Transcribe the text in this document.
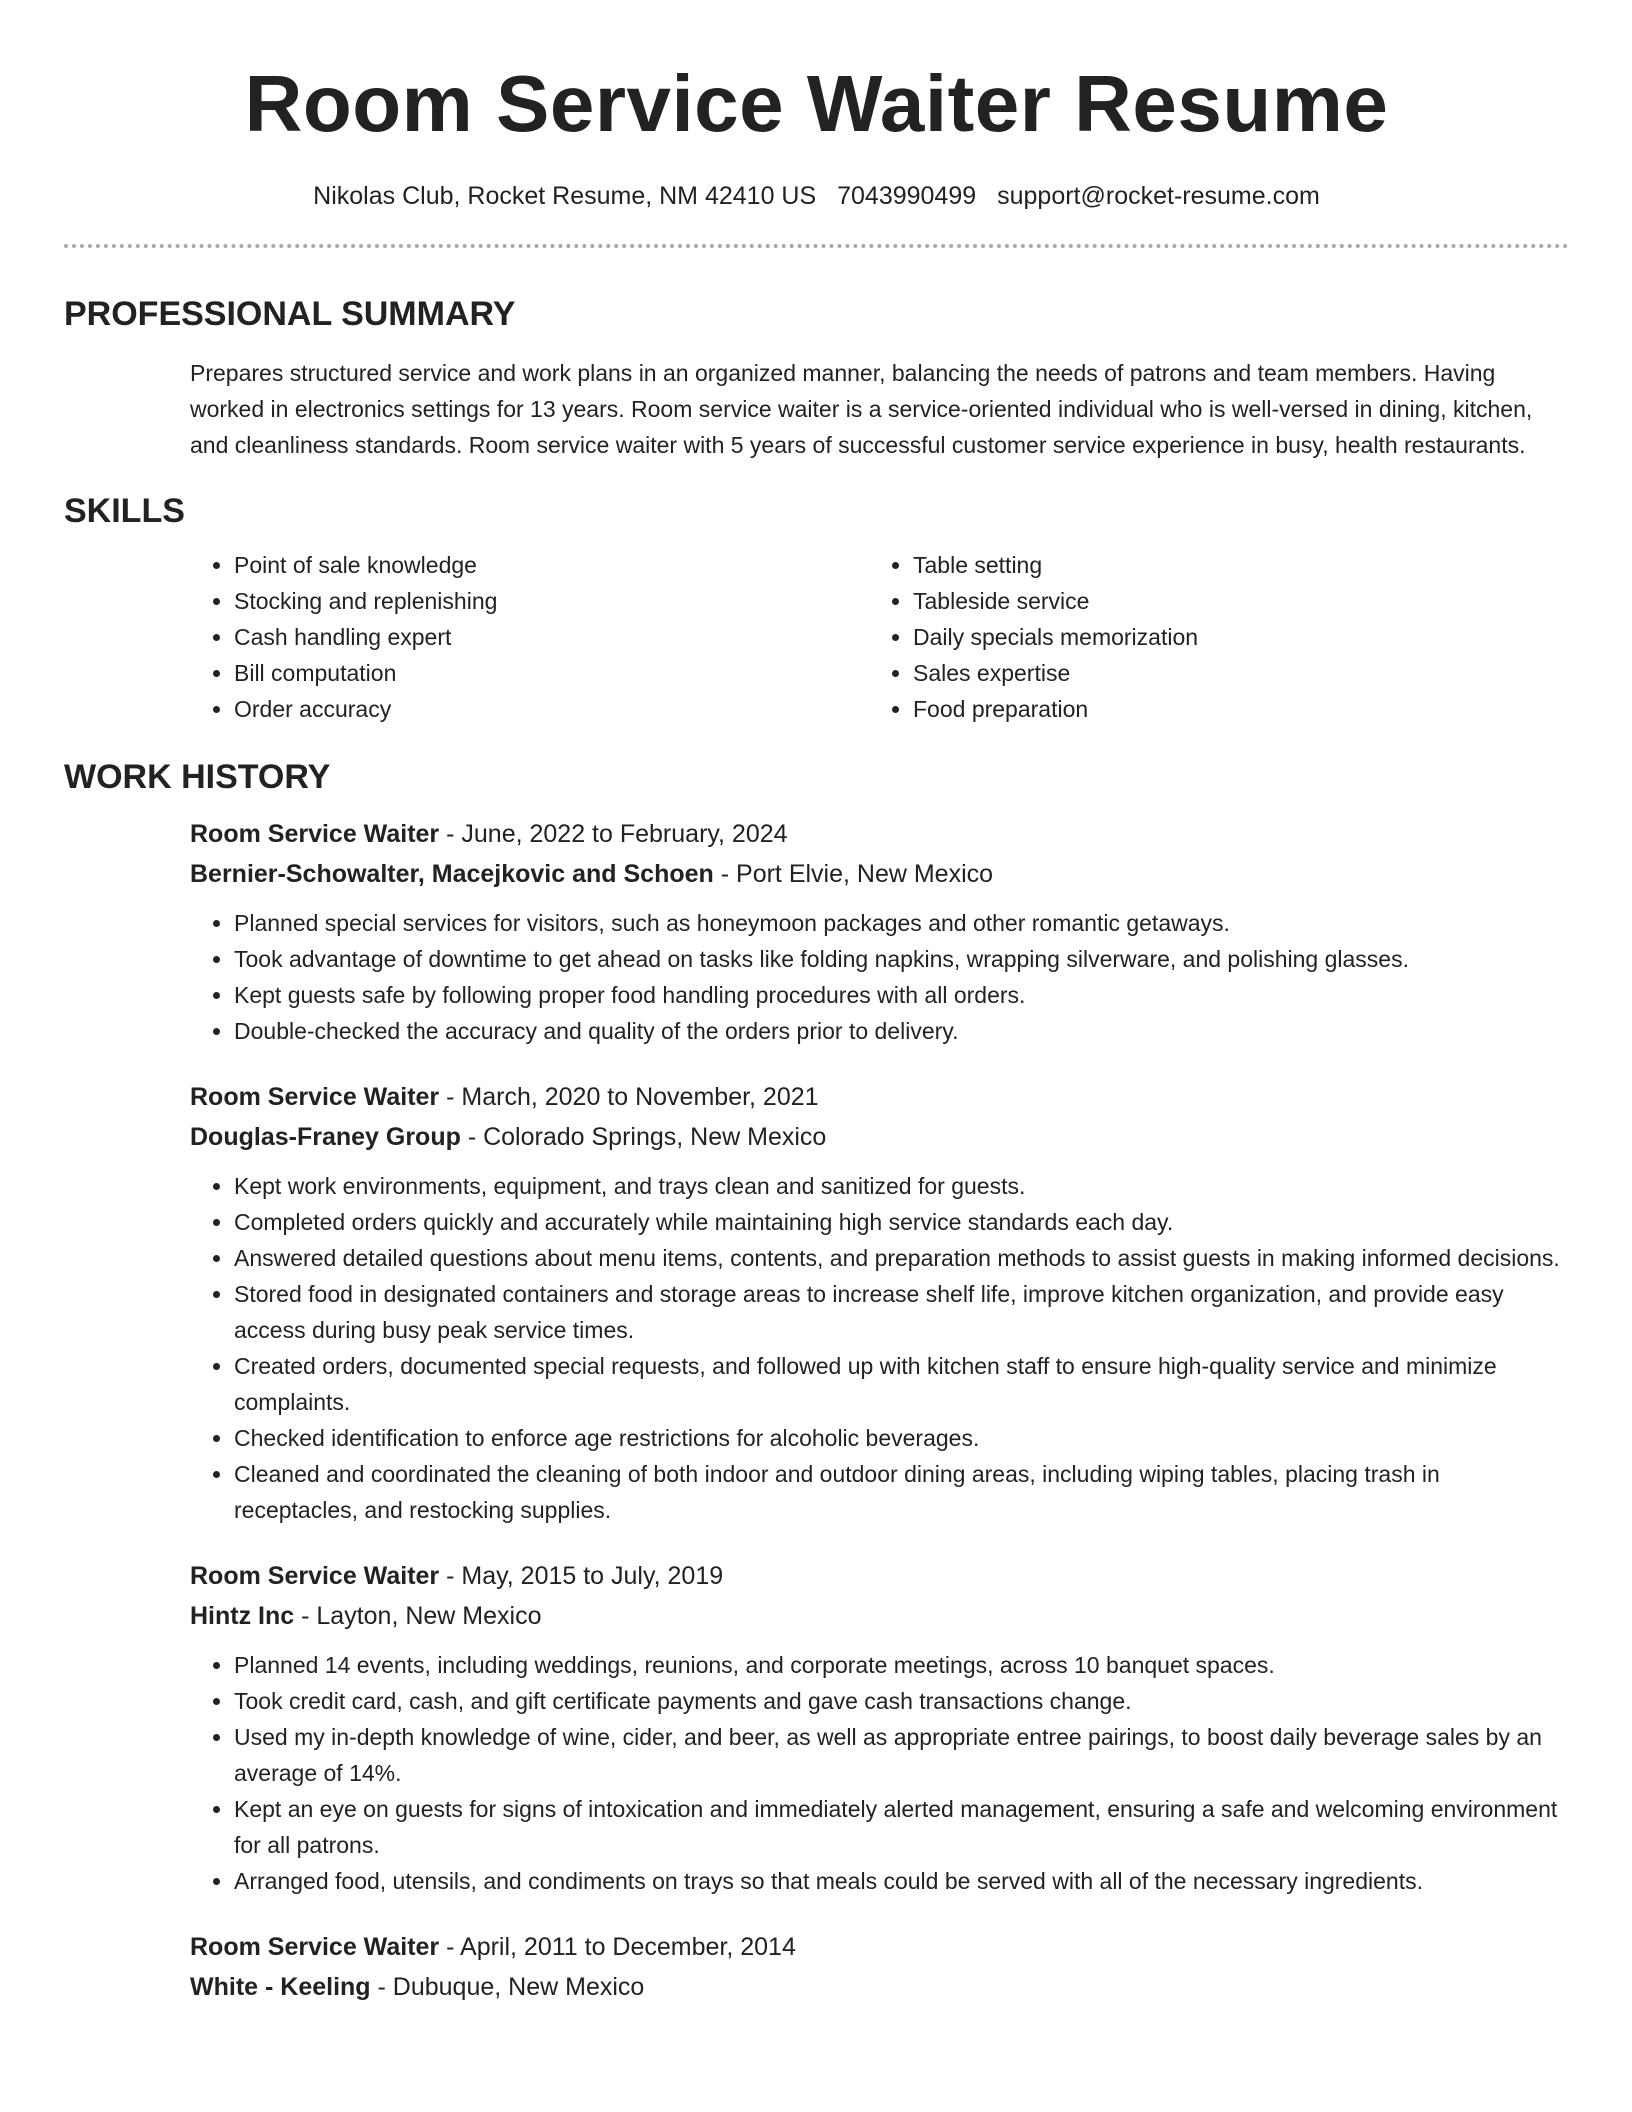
Room Service Waiter Resume
Nikolas Club, Rocket Resume, NM 42410 US 7043990499 support@rocket-resume.com
PROFESSIONAL SUMMARY
Prepares structured service and work plans in an organized manner, balancing the needs of patrons and team members. Having worked in electronics settings for 13 years. Room service waiter is a service-oriented individual who is well-versed in dining, kitchen, and cleanliness standards. Room service waiter with 5 years of successful customer service experience in busy, health restaurants.
SKILLS
• Point of sale knowledge
• Stocking and replenishing
• Cash handling expert
• Bill computation
• Order accuracy
• Table setting
• Tableside service
• Daily specials memorization
• Sales expertise
• Food preparation
WORK HISTORY
Room Service Waiter - June, 2022 to February, 2024
Bernier-Schowalter, Macejkovic and Schoen - Port Elvie, New Mexico
• Planned special services for visitors, such as honeymoon packages and other romantic getaways.
• Took advantage of downtime to get ahead on tasks like folding napkins, wrapping silverware, and polishing glasses.
• Kept guests safe by following proper food handling procedures with all orders.
• Double-checked the accuracy and quality of the orders prior to delivery.
Room Service Waiter - March, 2020 to November, 2021
Douglas-Franey Group - Colorado Springs, New Mexico
• Kept work environments, equipment, and trays clean and sanitized for guests.
• Completed orders quickly and accurately while maintaining high service standards each day.
• Answered detailed questions about menu items, contents, and preparation methods to assist guests in making informed decisions.
• Stored food in designated containers and storage areas to increase shelf life, improve kitchen organization, and provide easy access during busy peak service times.
• Created orders, documented special requests, and followed up with kitchen staff to ensure high-quality service and minimize complaints.
• Checked identification to enforce age restrictions for alcoholic beverages.
• Cleaned and coordinated the cleaning of both indoor and outdoor dining areas, including wiping tables, placing trash in receptacles, and restocking supplies.
Room Service Waiter - May, 2015 to July, 2019
Hintz Inc - Layton, New Mexico
• Planned 14 events, including weddings, reunions, and corporate meetings, across 10 banquet spaces.
• Took credit card, cash, and gift certificate payments and gave cash transactions change.
• Used my in-depth knowledge of wine, cider, and beer, as well as appropriate entree pairings, to boost daily beverage sales by an average of 14%.
• Kept an eye on guests for signs of intoxication and immediately alerted management, ensuring a safe and welcoming environment for all patrons.
• Arranged food, utensils, and condiments on trays so that meals could be served with all of the necessary ingredients.
Room Service Waiter - April, 2011 to December, 2014
White - Keeling - Dubuque, New Mexico
